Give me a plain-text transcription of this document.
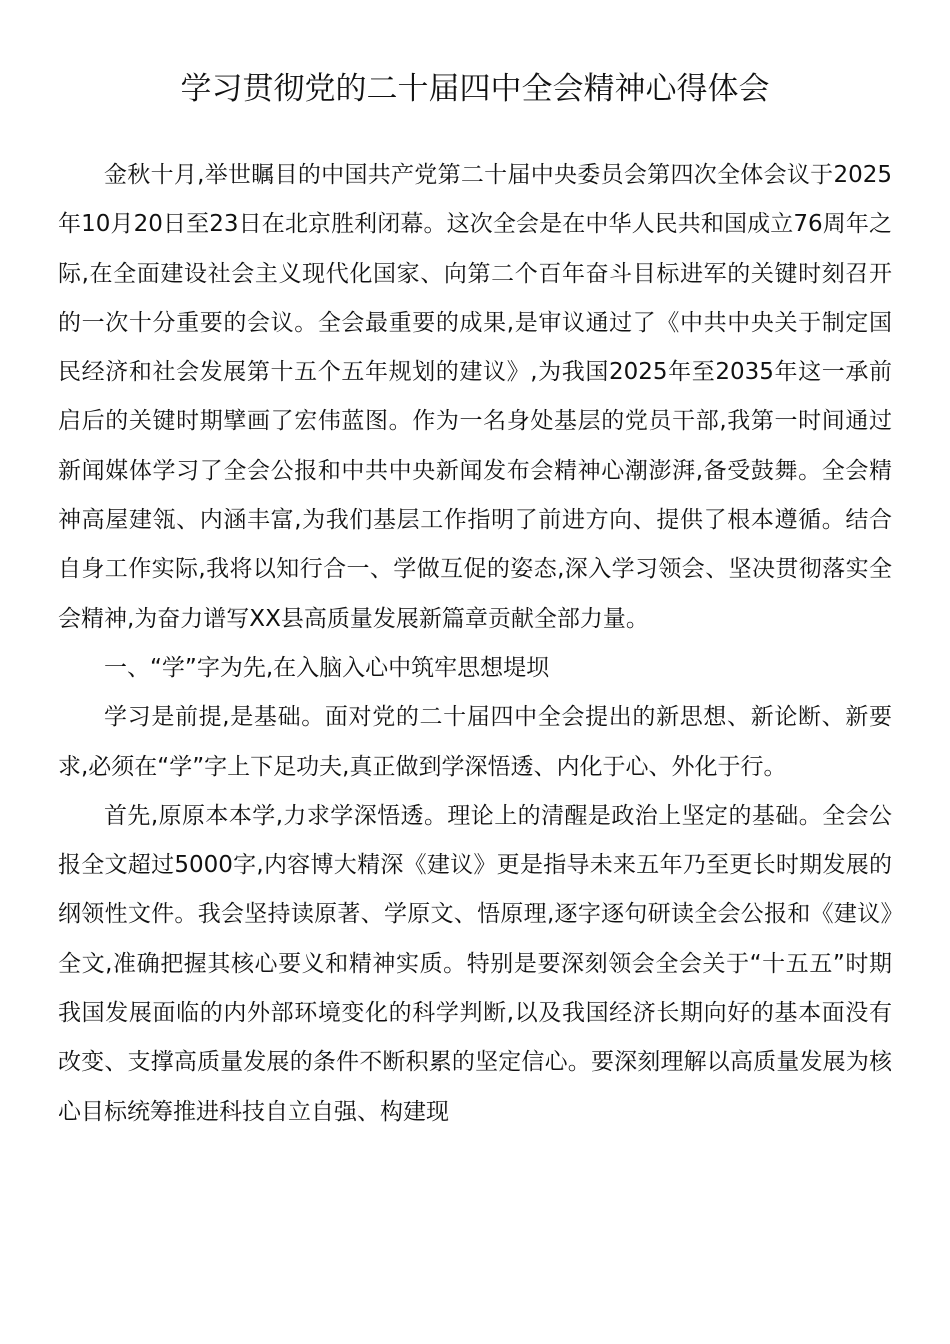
学习贯彻党的二十届四中全会精神心得体会

金秋十月,举世瞩目的中国共产党第二十届中央委员会第四次全体会议于2025年10月20日至23日在北京胜利闭幕。这次全会是在中华人民共和国成立76周年之际,在全面建设社会主义现代化国家、向第二个百年奋斗目标进军的关键时刻召开的一次十分重要的会议。全会最重要的成果,是审议通过了《中共中央关于制定国民经济和社会发展第十五个五年规划的建议》,为我国2025年至2035年这一承前启后的关键时期擘画了宏伟蓝图。作为一名身处基层的党员干部,我第一时间通过新闻媒体学习了全会公报和中共中央新闻发布会精神心潮澎湃,备受鼓舞。全会精神高屋建瓴、内涵丰富,为我们基层工作指明了前进方向、提供了根本遵循。结合自身工作实际,我将以知行合一、学做互促的姿态,深入学习领会、坚决贯彻落实全会精神,为奋力谱写XX县高质量发展新篇章贡献全部力量。

一、“学”字为先,在入脑入心中筑牢思想堤坝

学习是前提,是基础。面对党的二十届四中全会提出的新思想、新论断、新要求,必须在“学”字上下足功夫,真正做到学深悟透、内化于心、外化于行。

首先,原原本本学,力求学深悟透。理论上的清醒是政治上坚定的基础。全会公报全文超过5000字,内容博大精深《建议》更是指导未来五年乃至更长时期发展的纲领性文件。我会坚持读原著、学原文、悟原理,逐字逐句研读全会公报和《建议》全文,准确把握其核心要义和精神实质。特别是要深刻领会全会关于“十五五”时期我国发展面临的内外部环境变化的科学判断,以及我国经济长期向好的基本面没有改变、支撑高质量发展的条件不断积累的坚定信心。要深刻理解以高质量发展为核心目标统筹推进科技自立自强、构建现
